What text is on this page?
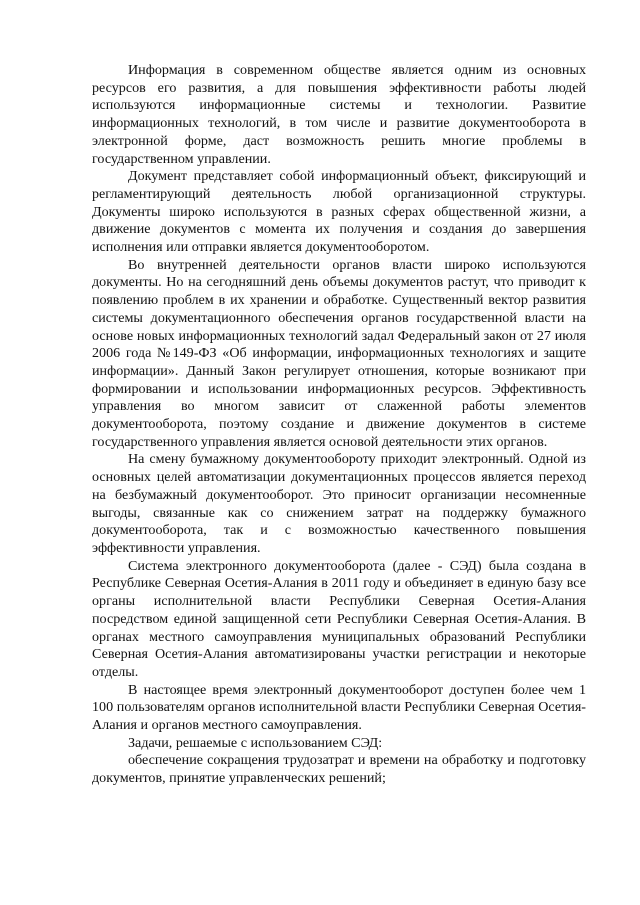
Информация в современном обществе является одним из основных ресурсов его развития, а для повышения эффективности работы людей используются информационные системы и технологии. Развитие информационных технологий, в том числе и развитие документооборота в электронной форме, даст возможность решить многие проблемы в государственном управлении.

Документ представляет собой информационный объект, фиксирующий и регламентирующий деятельность любой организационной структуры. Документы широко используются в разных сферах общественной жизни, а движение документов с момента их получения и создания до завершения исполнения или отправки является документооборотом.

Во внутренней деятельности органов власти широко используются документы. Но на сегодняшний день объемы документов растут, что приводит к появлению проблем в их хранении и обработке. Существенный вектор развития системы документационного обеспечения органов государственной власти на основе новых информационных технологий задал Федеральный закон от 27 июля 2006 года №149-ФЗ «Об информации, информационных технологиях и защите информации». Данный Закон регулирует отношения, которые возникают при формировании и использовании информационных ресурсов. Эффективность управления во многом зависит от слаженной работы элементов документооборота, поэтому создание и движение документов в системе государственного управления является основой деятельности этих органов.

На смену бумажному документообороту приходит электронный. Одной из основных целей автоматизации документационных процессов является переход на безбумажный документооборот. Это приносит организации несомненные выгоды, связанные как со снижением затрат на поддержку бумажного документооборота, так и с возможностью качественного повышения эффективности управления.

Система электронного документооборота (далее - СЭД) была создана в Республике Северная Осетия-Алания в 2011 году и объединяет в единую базу все органы исполнительной власти Республики Северная Осетия-Алания посредством единой защищенной сети Республики Северная Осетия-Алания. В органах местного самоуправления муниципальных образований Республики Северная Осетия-Алания автоматизированы участки регистрации и некоторые отделы.

В настоящее время электронный документооборот доступен более чем 1 100 пользователям органов исполнительной власти Республики Северная Осетия-Алания и органов местного самоуправления.

Задачи, решаемые с использованием СЭД:

обеспечение сокращения трудозатрат и времени на обработку и подготовку документов, принятие управленческих решений;
